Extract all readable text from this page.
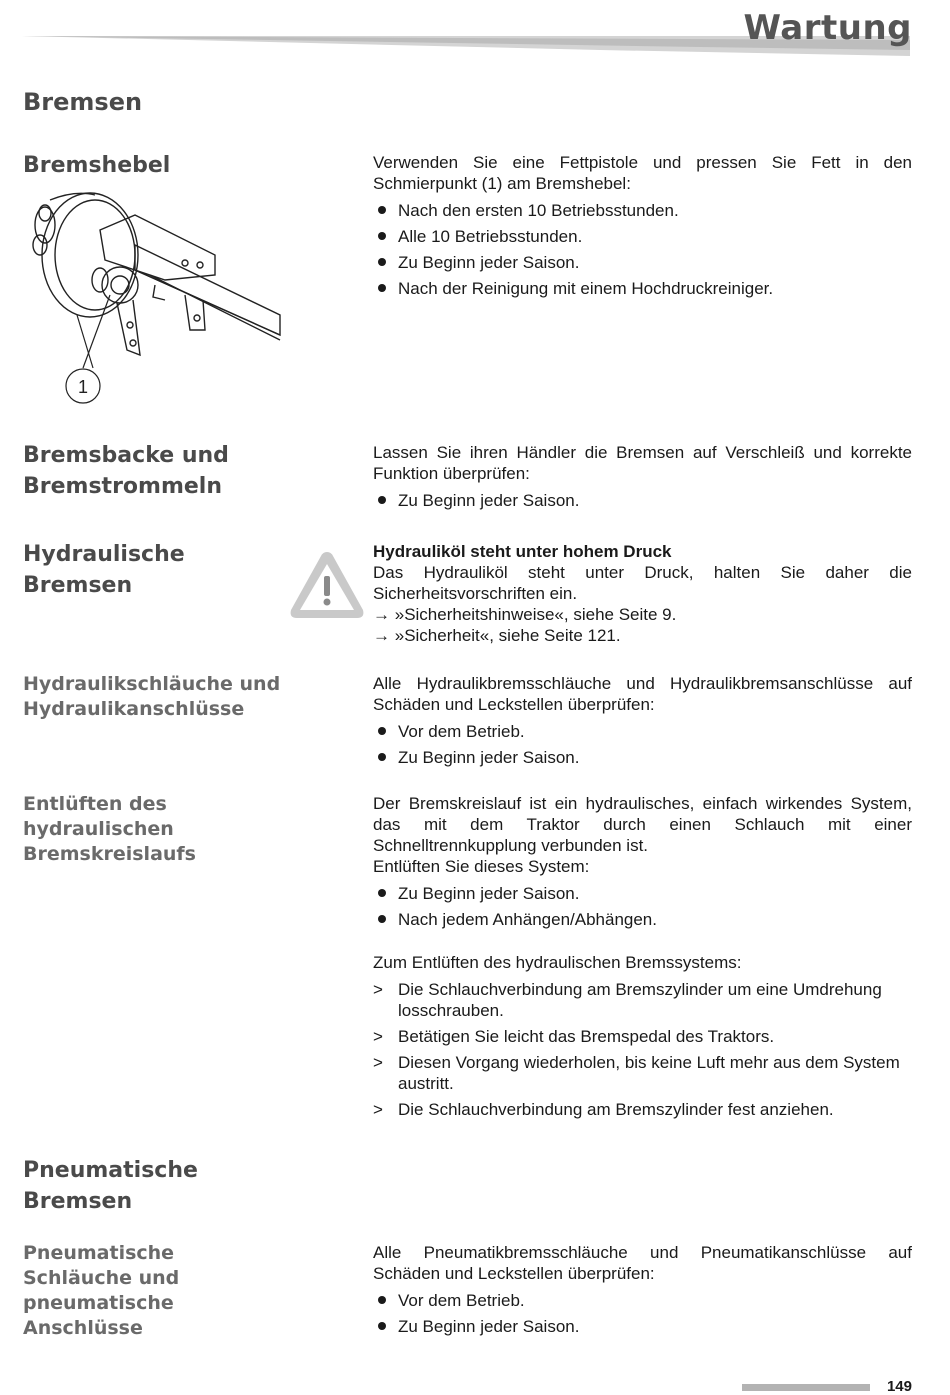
Wartung
Bremsen
Bremshebel
1

Verwenden Sie eine Fettpistole und pressen Sie Fett in den Schmierpunkt (1) am Bremshebel:

Nach den ersten 10 Betriebsstunden.
Alle 10 Betriebsstunden.
Zu Beginn jeder Saison.
Nach der Reinigung mit einem Hochdruckreiniger.
Bremsbacke und
Bremstrommeln

Lassen Sie ihren Händler die Bremsen auf Verschleiß und korrekte Funktion überprüfen:

Zu Beginn jeder Saison.
Hydraulische
Bremsen

Hydrauliköl steht unter hohem Druck

Das Hydrauliköl steht unter Druck, halten Sie daher die Sicherheitsvorschriften ein.

→ »Sicherheitshinweise«, siehe Seite 9.
→ »Sicherheit«, siehe Seite 121.
Hydraulikschläuche und
Hydraulikanschlüsse

Alle Hydraulikbremsschläuche und Hydraulikbremsanschlüsse auf Schäden und Leckstellen überprüfen:

Vor dem Betrieb.
Zu Beginn jeder Saison.
Entlüften des
hydraulischen
Bremskreislaufs

Der Bremskreislauf ist ein hydraulisches, einfach wirkendes System, das mit dem Traktor durch einen Schlauch mit einer Schnelltrennkupplung verbunden ist.

Entlüften Sie dieses System:

Zu Beginn jeder Saison.
Nach jedem Anhängen/Abhängen.

Zum Entlüften des hydraulischen Bremssystems:

> Die Schlauchverbindung am Bremszylinder um eine Umdrehung losschrauben.
> Betätigen Sie leicht das Bremspedal des Traktors.
> Diesen Vorgang wiederholen, bis keine Luft mehr aus dem System austritt.
> Die Schlauchverbindung am Bremszylinder fest anziehen.
Pneumatische
Bremsen
Pneumatische
Schläuche und
pneumatische
Anschlüsse

Alle Pneumatikbremsschläuche und Pneumatikanschlüsse auf Schäden und Leckstellen überprüfen:

Vor dem Betrieb.
Zu Beginn jeder Saison.
149
